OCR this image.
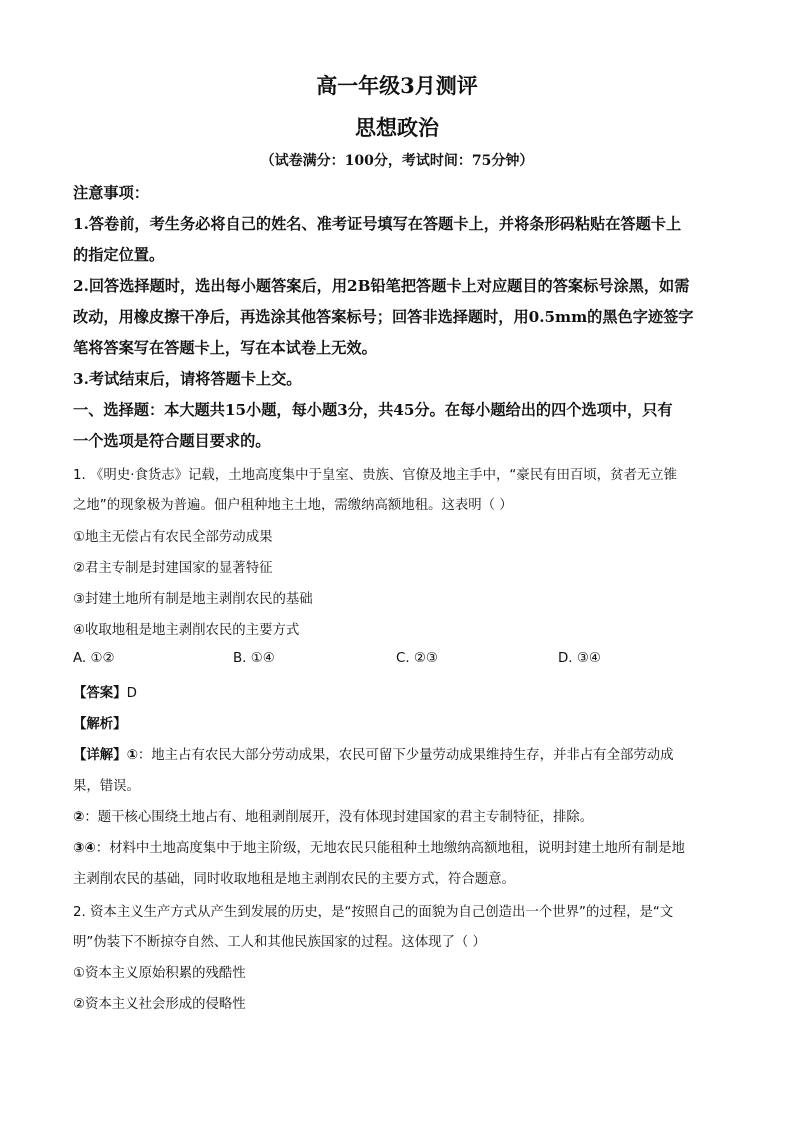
高一年级3月测评
思想政治
（试卷满分：100分，考试时间：75分钟）
注意事项：
1.答卷前，考生务必将自己的姓名、准考证号填写在答题卡上，并将条形码粘贴在答题卡上
的指定位置。
2.回答选择题时，选出每小题答案后，用2B铅笔把答题卡上对应题目的答案标号涂黑，如需
改动，用橡皮擦干净后，再选涂其他答案标号；回答非选择题时，用0.5mm的黑色字迹签字
笔将答案写在答题卡上，写在本试卷上无效。
3.考试结束后，请将答题卡上交。
一、选择题：本大题共15小题，每小题3分，共45分。在每小题给出的四个选项中，只有
一个选项是符合题目要求的。
1. 《明史·食货志》记载，土地高度集中于皇室、贵族、官僚及地主手中，“豪民有田百顷，贫者无立锥
之地”的现象极为普遍。佃户租种地主土地，需缴纳高额地租。这表明（ ）
①地主无偿占有农民全部劳动成果
②君主专制是封建国家的显著特征
③封建土地所有制是地主剥削农民的基础
④收取地租是地主剥削农民的主要方式
A. ①②	B. ①④	C. ②③	D. ③④
【答案】D
【解析】
【详解】①：地主占有农民大部分劳动成果，农民可留下少量劳动成果维持生存，并非占有全部劳动成
果，错误。
②：题干核心围绕土地占有、地租剥削展开，没有体现封建国家的君主专制特征，排除。
③④：材料中土地高度集中于地主阶级，无地农民只能租种土地缴纳高额地租，说明封建土地所有制是地
主剥削农民的基础，同时收取地租是地主剥削农民的主要方式，符合题意。
2. 资本主义生产方式从产生到发展的历史，是“按照自己的面貌为自己创造出一个世界”的过程，是“文
明”伪装下不断掠夺自然、工人和其他民族国家的过程。这体现了（ ）
①资本主义原始积累的残酷性
②资本主义社会形成的侵略性
